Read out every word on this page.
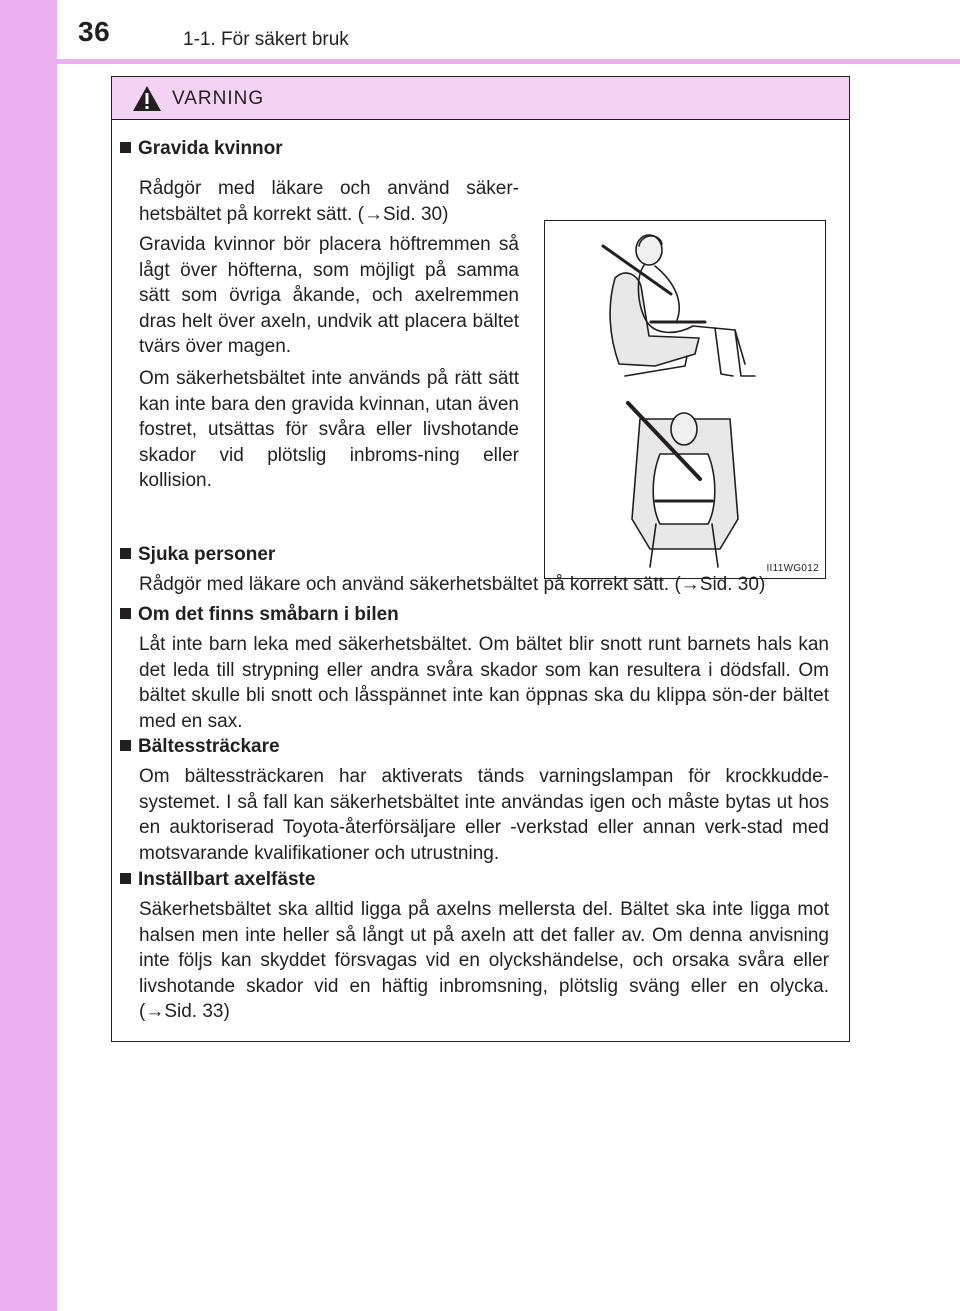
36	1-1. För säkert bruk
VARNING
Gravida kvinnor
Rådgör med läkare och använd säker-hetsbältet på korrekt sätt. (→Sid. 30)
Gravida kvinnor bör placera höftremmen så lågt över höfterna, som möjligt på samma sätt som övriga åkande, och axelremmen dras helt över axeln, undvik att placera bältet tvärs över magen.
Om säkerhetsbältet inte används på rätt sätt kan inte bara den gravida kvinnan, utan även fostret, utsättas för svåra eller livshotande skador vid plötslig inbroms-ning eller kollision.
II11WG012
Sjuka personer
Rådgör med läkare och använd säkerhetsbältet på korrekt sätt. (→Sid. 30)
Om det finns småbarn i bilen
Låt inte barn leka med säkerhetsbältet. Om bältet blir snott runt barnets hals kan det leda till strypning eller andra svåra skador som kan resultera i dödsfall. Om bältet skulle bli snott och låsspännet inte kan öppnas ska du klippa sön-der bältet med en sax.
Bältessträckare
Om bältessträckaren har aktiverats tänds varningslampan för krockkudde-systemet. I så fall kan säkerhetsbältet inte användas igen och måste bytas ut hos en auktoriserad Toyota-återförsäljare eller -verkstad eller annan verk-stad med motsvarande kvalifikationer och utrustning.
Inställbart axelfäste
Säkerhetsbältet ska alltid ligga på axelns mellersta del. Bältet ska inte ligga mot halsen men inte heller så långt ut på axeln att det faller av. Om denna anvisning inte följs kan skyddet försvagas vid en olyckshändelse, och orsaka svåra eller livshotande skador vid en häftig inbromsning, plötslig sväng eller en olycka. (→Sid. 33)
